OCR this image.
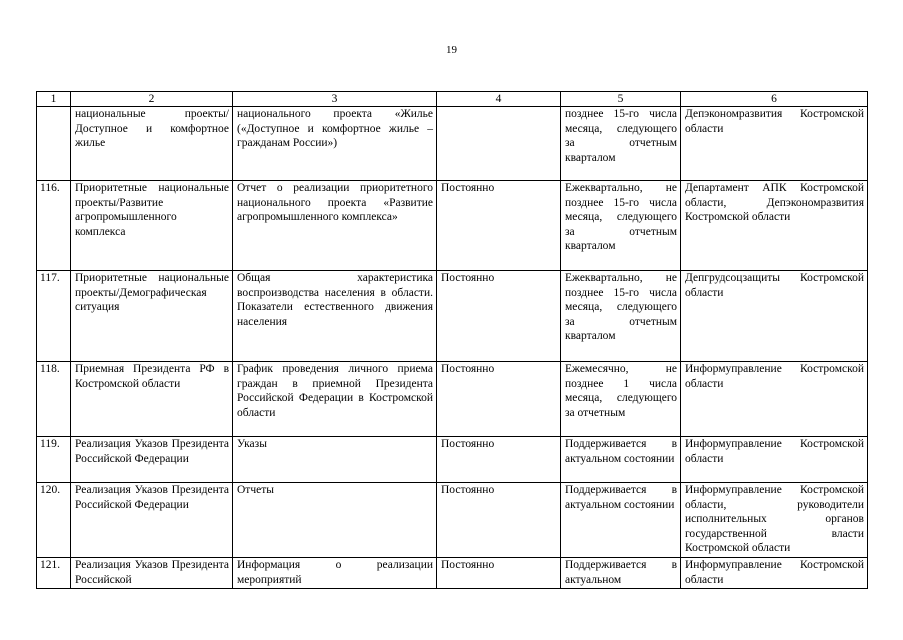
19
1	2	3	4	5	6
	национальные проекты/Доступное и комфортное жилье	национального проекта «Жилье («Доступное и комфортное жилье – гражданам России»)		позднее 15-го числа месяца, следующего за отчетным кварталом	Депэкономразвития Костромской области
116.	Приоритетные национальные проекты/Развитие агропромышленного комплекса	Отчет о реализации приоритетного национального проекта «Развитие агропромышленного комплекса»	Постоянно	Ежеквартально, не позднее 15-го числа месяца, следующего за отчетным кварталом	Департамент АПК Костромской области, Депэкономразвития Костромской области
117.	Приоритетные национальные проекты/Демографическая ситуация	Общая характеристика воспроизводства населения в области. Показатели естественного движения населения	Постоянно	Ежеквартально, не позднее 15-го числа месяца, следующего за отчетным кварталом	Депгрудсоцзащиты Костромской области
118.	Приемная Президента РФ в Костромской области	График проведения личного приема граждан в приемной Президента Российской Федерации в Костромской области	Постоянно	Ежемесячно, не позднее 1 числа месяца, следующего за отчетным	Информуправление Костромской области
119.	Реализация Указов Президента Российской Федерации	Указы	Постоянно	Поддерживается в актуальном состоянии	Информуправление Костромской области
120.	Реализация Указов Президента Российской Федерации	Отчеты	Постоянно	Поддерживается в актуальном состоянии	Информуправление Костромской области, руководители исполнительных органов государственной власти Костромской области
121.	Реализация Указов Президента Российской	Информация о реализации мероприятий	Постоянно	Поддерживается в актуальном	Информуправление Костромской области
